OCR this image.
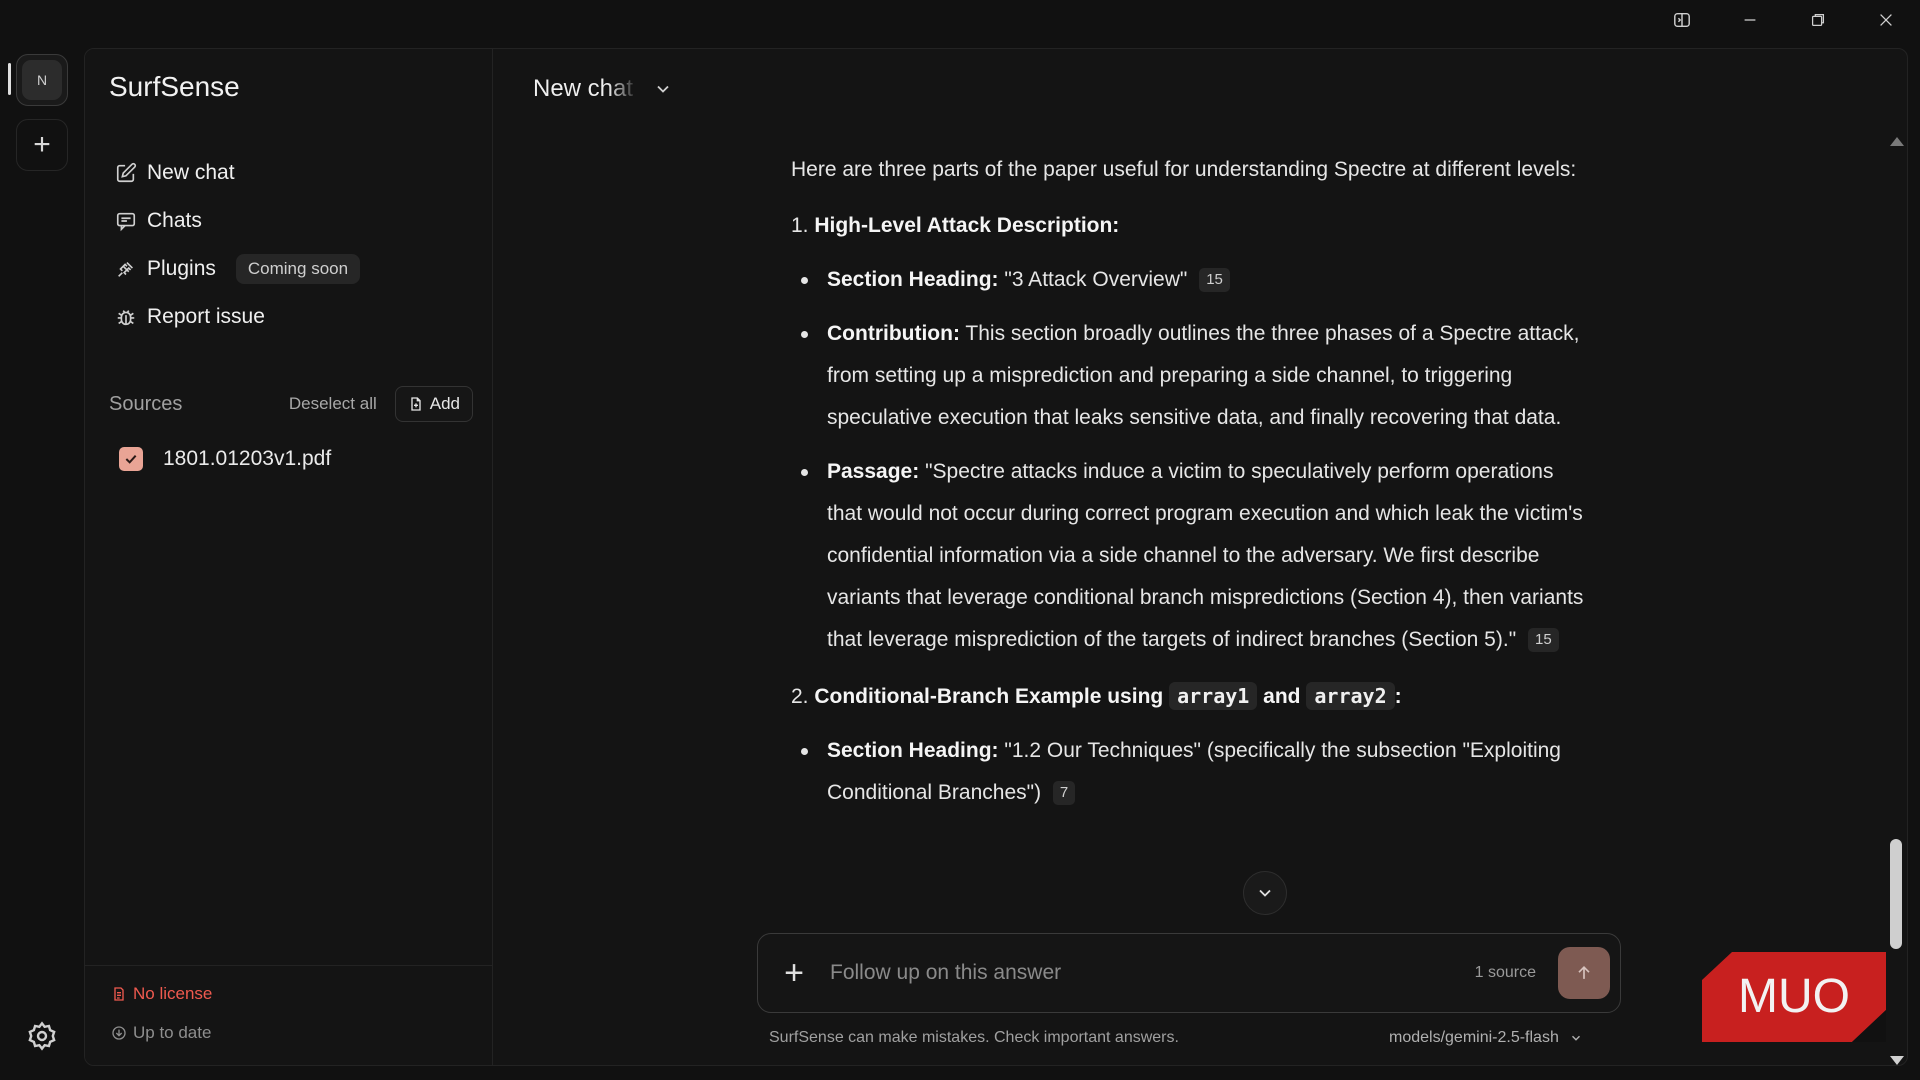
N
+
SurfSense
New chat
Chats
Plugins	Coming soon
Report issue
Sources	Deselect all	Add
1801.01203v1.pdf
No license
Up to date
New chat

Here are three parts of the paper useful for understanding Spectre at different levels:

1. High-Level Attack Description:
Section Heading: "3 Attack Overview" 15
Contribution: This section broadly outlines the three phases of a Spectre attack, from setting up a misprediction and preparing a side channel, to triggering speculative execution that leaks sensitive data, and finally recovering that data.
Passage: "Spectre attacks induce a victim to speculatively perform operations that would not occur during correct program execution and which leak the victim's confidential information via a side channel to the adversary. We first describe variants that leverage conditional branch mispredictions (Section 4), then variants that leverage misprediction of the targets of indirect branches (Section 5)." 15
2. Conditional-Branch Example using array1 and array2 :
Section Heading: "1.2 Our Techniques" (specifically the subsection "Exploiting Conditional Branches") 7
+
Follow up on this answer	1 source
SurfSense can make mistakes. Check important answers.	models/gemini-2.5-flash
MUO
